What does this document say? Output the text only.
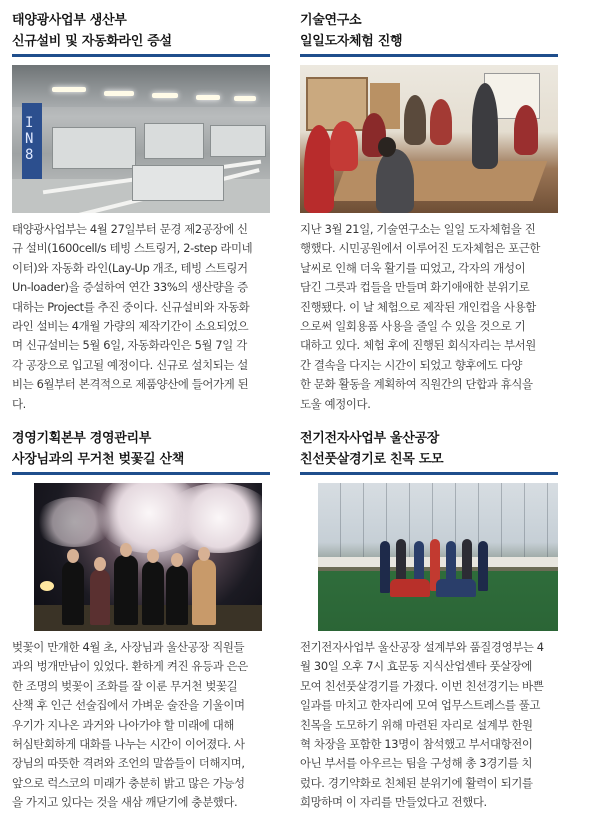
태양광사업부 생산부
신규설비 및 자동화라인 증설
IN 8
태양광사업부는 4월 27일부터 문경 제2공장에 신
규 설비(1600cell/s 테빙 스트링거, 2-step 라미네
이터)와 자동화 라인(Lay-Up 개조, 테빙 스트링거
Un-loader)을 증설하여 연간 33%의 생산량을 증
대하는 Project를 추진 중이다. 신규설비와 자동화
라인 설비는 4개월 가량의 제작기간이 소요되었으
며 신규설비는 5월 6일, 자동화라인은 5월 7일 각
각 공장으로 입고될 예정이다. 신규로 설치되는 설
비는 6월부터 본격적으로 제품양산에 들어가게 된
다.
기술연구소
일일도자체험 진행
지난 3월 21일, 기술연구소는 일일 도자체험을 진
행했다. 시민공원에서 이루어진 도자체험은 포근한
날씨로 인해 더욱 활기를 띠었고, 각자의 개성이
담긴 그릇과 컵들을 만들며 화기애애한 분위기로
진행됐다. 이 날 체험으로 제작된 개인컵을 사용함
으로써 일회용품 사용을 줄일 수 있을 것으로 기
대하고 있다. 체험 후에 진행된 회식자리는 부서원
간 결속을 다지는 시간이 되었고 향후에도 다양
한 문화 활동을 계획하여 직원간의 단합과 휴식을
도울 예정이다.
경영기획본부 경영관리부
사장님과의 무거천 벚꽃길 산책
벚꽃이 만개한 4월 초, 사장님과 울산공장 직원들
과의 벙개만남이 있었다. 환하게 켜진 유등과 은은
한 조명의 벚꽃이 조화를 잘 이룬 무거천 벚꽃길
산책 후 인근 선술집에서 가벼운 술잔을 기울이며
우기가 지나온 과거와 나아가야 할 미래에 대해
허심탄회하게 대화를 나누는 시간이 이어졌다. 사
장님의 따뜻한 격려와 조언의 말씀들이 더해지며,
앞으로 럭스코의 미래가 충분히 밝고 많은 가능성
을 가지고 있다는 것을 새삼 깨닫기에 충분했다.
전기전자사업부 울산공장
친선풋살경기로 친목 도모
전기전자사업부 울산공장 설계부와 품질경영부는 4
월 30일 오후 7시 효문동 지식산업센타 풋살장에
모여 친선풋살경기를 가졌다. 이번 친선경기는 바쁜
일과를 마치고 한자리에 모여 업무스트레스를 풀고
친목을 도모하기 위해 마련된 자리로 설계부 한원
혁 차장을 포함한 13명이 참석했고 부서대항전이
아닌 부서를 아우르는 팀을 구성해 총 3경기를 치
렀다. 경기약화로 친체된 분위기에 활력이 되기를
희망하며 이 자리를 만들었다고 전했다.
